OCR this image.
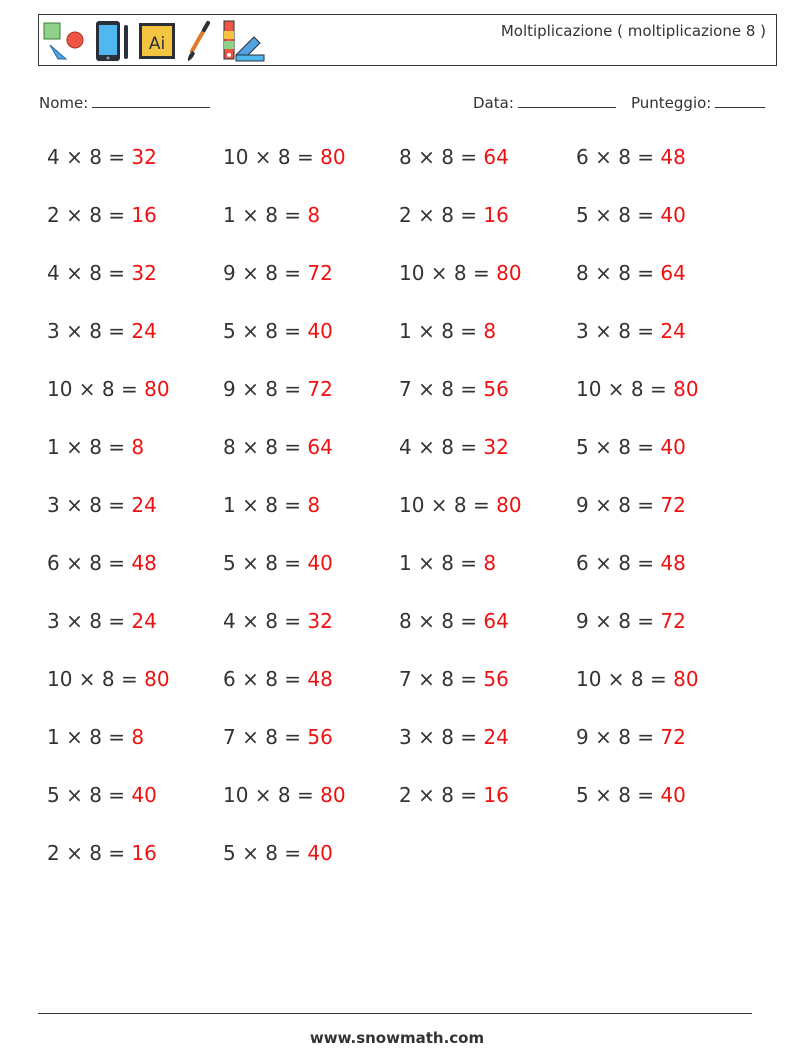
Ai
Moltiplicazione ( moltiplicazione 8 )
Nome:	Data:	Punteggio:
4 × 8 = 32	10 × 8 = 80	8 × 8 = 64	6 × 8 = 48
2 × 8 = 16	1 × 8 = 8	2 × 8 = 16	5 × 8 = 40
4 × 8 = 32	9 × 8 = 72	10 × 8 = 80	8 × 8 = 64
3 × 8 = 24	5 × 8 = 40	1 × 8 = 8	3 × 8 = 24
10 × 8 = 80	9 × 8 = 72	7 × 8 = 56	10 × 8 = 80
1 × 8 = 8	8 × 8 = 64	4 × 8 = 32	5 × 8 = 40
3 × 8 = 24	1 × 8 = 8	10 × 8 = 80	9 × 8 = 72
6 × 8 = 48	5 × 8 = 40	1 × 8 = 8	6 × 8 = 48
3 × 8 = 24	4 × 8 = 32	8 × 8 = 64	9 × 8 = 72
10 × 8 = 80	6 × 8 = 48	7 × 8 = 56	10 × 8 = 80
1 × 8 = 8	7 × 8 = 56	3 × 8 = 24	9 × 8 = 72
5 × 8 = 40	10 × 8 = 80	2 × 8 = 16	5 × 8 = 40
2 × 8 = 16	5 × 8 = 40
www.snowmath.com
